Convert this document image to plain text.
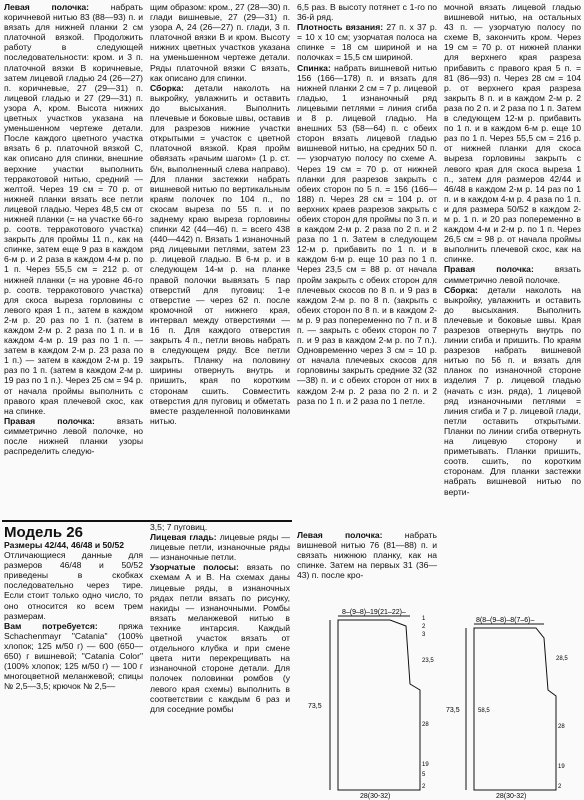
Левая полочка:	набрать коричневой нитью 83 (88—93) п. и вязать для нижней планки 2 см платочной вязкой. Продолжить работу в следующей последовательности: кром. и 3 п. платочной вязки В коричневые, затем лицевой гладью 24 (26—27) п. коричневые, 27 (29—31) п. лицевой гладью и 27 (29—31) п. узора А, кром. Высота нижних цветных участков указана на уменьшенном чертеже детали. После каждого цветного участка вязать 6 р. платочной вязкой С, как описано для спинки, внешние верхние участки выполнить терракотовой нитью, средний — желтой. Через 19 см = 70 р. от нижней планки вязать все петли лицевой гладью. Через 48,5 см от нижней планки (= на участке 66-го р. соотв. терракотового участка) закрыть для проймы 11 п., как на спинке, затем еще 9 раз в каждом 6-м р. и 2 раза в каждом 4-м р. по 1 п. Через 55,5 см = 212 р. от нижней планки (= на уровне 46-го р. соотв. терракотового участка) для скоса выреза горловины с левого края 1 п., затем в каждом 2-м р. 20 раз по 1 п. (затем в каждом 2-м р. 2 раза по 1 п. и в каждом 4-м р. 19 раз по 1 п. — затем в каждом 2-м р. 23 раза по 1 п.) — затем в каждом 2-м р. 19 раз по 1 п. (затем в каждом 2-м р. 19 раз по 1 п.). Через 25 см = 94 р. от начала проймы выполнить с правого края плечевой скос, как на спинке.

Правая полочка:	вязать симметрично левой полочке, но после нижней планки узоры распределить следую-

щим образом: кром., 27 (28—30) п. глади вишневые, 27 (29—31) п. узора А, 24 (26—27) п. глади, 3 п. платочной вязки В и кром. Высоту нижних цветных участков указана на уменьшенном чертеже детали. Ряды платочной вязки С вязать, как описано для спинки.

Сборка: детали наколоть на выкройку, увлажнить и оставить до высыхания. Выполнить плечевые и боковые швы, оставив для разрезов нижние участки открытыми = участок с цветной платочной вязкой. Края пройм обвязать «рачьим шагом» (1 р. ст. б/н, выполненный слева направо). Для планки застежки набрать вишневой нитью по вертикальным краям полочек по 104 п., по скосам выреза по 55 п. и по заднему краю выреза горловины спинки 42 (44—46) п. = всего 438 (440—442) п. Вязать 1 изнаночный ряд лицевыми петлями, затем 23 р. лицевой гладью. В 6-м р. и в следующем 14-м р. на планке правой полочки вывязать 5 пар отверстий для пуговиц: 1-е отверстие — через 62 п. после кромочной от нижнего края, интервал между отверстиями — 16 п. Для каждого отверстия закрыть 4 п., петли вновь набрать в следующем ряду. Все петли закрыть. Планку на половину ширины отвернуть внутрь и пришить, края по коротким сторонам сшить. Совместить отверстия для пуговиц и обметать вместе разделенной половинками нитью.

6,5 раз. В высоту потянет с 1-го по 36-й ряд.

Плотность вязания: 27 п. х 37 р. = 10 х 10 см; узорчатая полоса на спинке = 18 см шириной и на полочках = 15,5 см шириной.

Спинка: набрать вишневой нитью 156 (166—178) п. и вязать для нижней планки 2 см = 7 р. лицевой гладью, 1 изнаночный ряд лицевыми петлями = линия сгиба и 8 р. лицевой гладью. На внешних 53 (58—64) п. с обеих сторон вязать лицевой гладью вишневой нитью, на средних 50 п. — узорчатую полосу по схеме А. Через 19 см = 70 р. от нижней планки для разрезов закрыть с обеих сторон по 5 п. = 156 (166—188) п. Через 28 см = 104 р. от верхних краев разрезов закрыть с обеих сторон для проймы по 3 п. и в каждом 2-м р. 2 раза по 2 п. и 2 раза по 1 п. Затем в следующем 12-м р. прибавить по 1 п. и в каждом 6-м р. еще 10 раз по 1 п. Через 23,5 см = 88 р. от начала пройм закрыть с обеих сторон для плечевых скосов по 8 п. и 9 раз в каждом 2-м р. по 8 п. (закрыть с обеих сторон по 8 п. и в каждом 2-м р. 9 раз попеременно по 7 п. и 8 п. — закрыть с обеих сторон по 7 п. и 9 раз в каждом 2-м р. по 7 п.). Одновременно через 3 см = 10 р. от начала плечевых скосов для горловины закрыть средние 32 (32—38) п. и с обеих сторон от них в каждом 2-м р. 2 раза по 2 п. и 2 раза по 1 п. и 2 раза по 1 петле.

Левая полочка:	набрать вишневой нитью 76 (81—88) п. и связать нижнюю планку, как на спинке. Затем на первых 31 (36—43) п. после кро-

мочной вязать лицевой гладью вишневой нитью, на остальных 43 п. — узорчатую полосу по схеме В, закончить кром. Через 19 см = 70 р. от нижней планки для верхнего края разреза прибавить с правого края 5 п. = 81 (86—93) п. Через 28 см = 104 р. от верхнего края разреза закрыть 8 п. и в каждом 2-м р. 2 раза по 2 п. и 2 раза по 1 п. Затем в следующем 12-м р. прибавить по 1 п. и в каждом 6-м р. еще 10 раз по 1 п. Через 55,5 см = 216 р. от нижней планки для скоса выреза горловины закрыть с левого края для скоса выреза 1 п., затем для размеров 42/44 и 46/48 в каждом 2-м р. 14 раз по 1 п. и в каждом 4-м р. 4 раза по 1 п. и для размера 50/52 в каждом 2-м р. 1 п. и 20 раз попеременно в каждом 4-м и 2-м р. по 1 п. Через 26,5 см = 98 р. от начала проймы выполнить плечевой скос, как на спинке.

Правая полочка: вязать симметрично левой полочке.

Сборка: детали наколоть на выкройку, увлажнить и оставить до высыхания. Выполнить плечевые и боковые швы. Края разрезов отвернуть внутрь по линии сгиба и пришить. По краям разрезов набрать вишневой нитью по 56 п. и вязать для планок по изнаночной стороне изделия 7 р. лицевой гладью (начать с изн. ряда), 1 лицевой ряд изнаночными петлями = линия сгиба и 7 р. лицевой глади, петли оставить открытыми. Планки по линии сгиба отвернуть на лицевую сторону и приметывать. Планки пришить, соотв. сшить, по коротким сторонам. Для планки застежки набрать вишневой нитью по верти-

Модель 26

Размеры 42/44, 46/48 и 50/52

Отличающиеся данные для размеров 46/48 и 50/52 приведены в скобках последовательно через тире. Если стоит только одно число, то оно относится ко всем трем размерам.

Вам потребуется: пряжа Schachenmayr "Catania" (100% хлопок; 125 м/50 г) — 600 (650—650) г вишневой; "Catania Color" (100% хлопок; 125 м/50 г) — 100 г многоцветной меланжевой; спицы № 2,5—3,5; крючок № 2,5—

3,5; 7 пуговиц.

Лицевая гладь: лицевые ряды — лицевые петли, изнаночные ряды — изнаночные петли.

Узорчатые полосы: вязать по схемам А и В. На схемах даны лицевые ряды, в изнаночных рядах петли вязать по рисунку, накиды — изнаночными. Ромбы вязать меланжевой нитью в технике интарсия. Каждый цветной участок вязать от отдельного клубка и при смене цвета нити перекрещивать на изнаночной стороне детали. Для полочек половинки ромбов (у левого края схемы) выполнить в соответствии с каждым 6 раз и для соседние ромбы

8–(9–8)–19(21–22)–
73,5
1
2
3
5
23,5
28
19
2
28(30-32)
8(8–(9–8)–8(7–6)–
28,5
73,5	58,5
28
19
2
28(30-32)
